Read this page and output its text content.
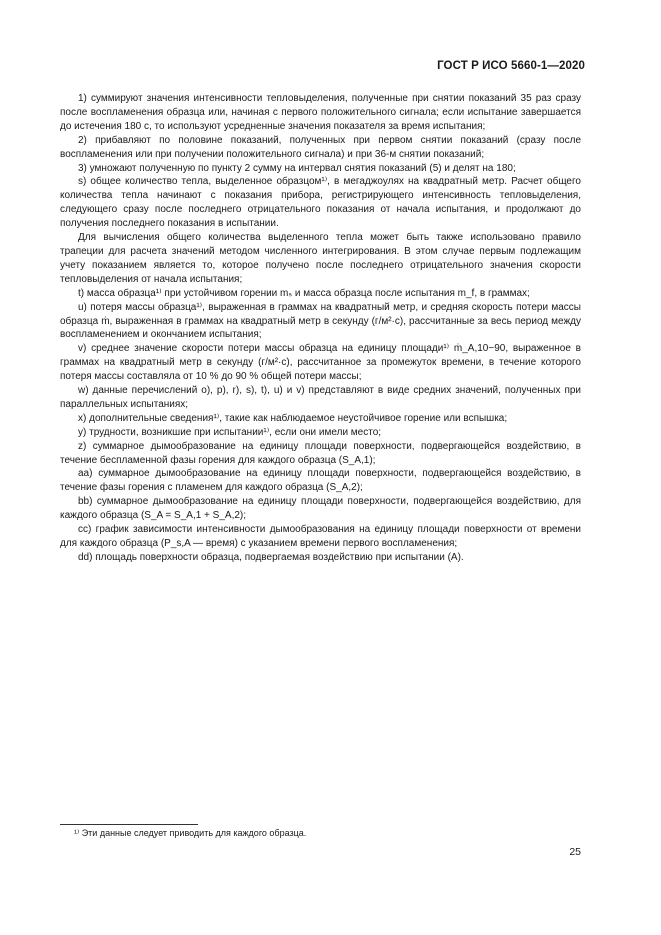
ГОСТ Р ИСО 5660-1—2020

1) суммируют значения интенсивности тепловыделения, полученные при снятии показаний 35 раз сразу после воспламенения образца или, начиная с первого положительного сигнала; если испытание завершается до истечения 180 с, то используют усредненные значения показателя за время испытания;

2) прибавляют по половине показаний, полученных при первом снятии показаний (сразу после воспламенения или при получении положительного сигнала) и при 36-м снятии показаний;

3) умножают полученную по пункту 2 сумму на интервал снятия показаний (5) и делят на 180;

s) общее количество тепла, выделенное образцом¹⁾, в мегаджоулях на квадратный метр. Расчет общего количества тепла начинают с показания прибора, регистрирующего интенсивность тепловыделения, следующего сразу после последнего отрицательного показания от начала испытания, и продолжают до получения последнего показания в испытании.

Для вычисления общего количества выделенного тепла может быть также использовано правило трапеции для расчета значений методом численного интегрирования. В этом случае первым подлежащим учету показанием является то, которое получено после последнего отрицательного значения скорости тепловыделения от начала испытания;

t) масса образца¹⁾ при устойчивом горении mₛ и масса образца после испытания m_f, в граммах;

u) потеря массы образца¹⁾, выраженная в граммах на квадратный метр, и средняя скорость потери массы образца ṁ, выраженная в граммах на квадратный метр в секунду (г/м²·с), рассчитанные за весь период между воспламенением и окончанием испытания;

v) среднее значение скорости потери массы образца на единицу площади¹⁾ ṁ_A,10−90, выраженное в граммах на квадратный метр в секунду (г/м²·с), рассчитанное за промежуток времени, в течение которого потеря массы составляла от 10 % до 90 % общей потери массы;

w) данные перечислений о), р), r), s), t), u) и v) представляют в виде средних значений, полученных при параллельных испытаниях;

x) дополнительные сведения¹⁾, такие как наблюдаемое неустойчивое горение или вспышка;

y) трудности, возникшие при испытании¹⁾, если они имели место;

z) суммарное дымообразование на единицу площади поверхности, подвергающейся воздействию, в течение беспламенной фазы горения для каждого образца (S_A,1);

аа) суммарное дымообразование на единицу площади поверхности, подвергающейся воздействию, в течение фазы горения с пламенем для каждого образца (S_A,2);

bb) суммарное дымообразование на единицу площади поверхности, подвергающейся воздействию, для каждого образца (S_A = S_A,1 + S_A,2);

сс) график зависимости интенсивности дымообразования на единицу площади поверхности от времени для каждого образца (P_s,A — время) с указанием времени первого воспламенения;

dd) площадь поверхности образца, подвергаемая воздействию при испытании (A).

¹⁾ Эти данные следует приводить для каждого образца.
25
